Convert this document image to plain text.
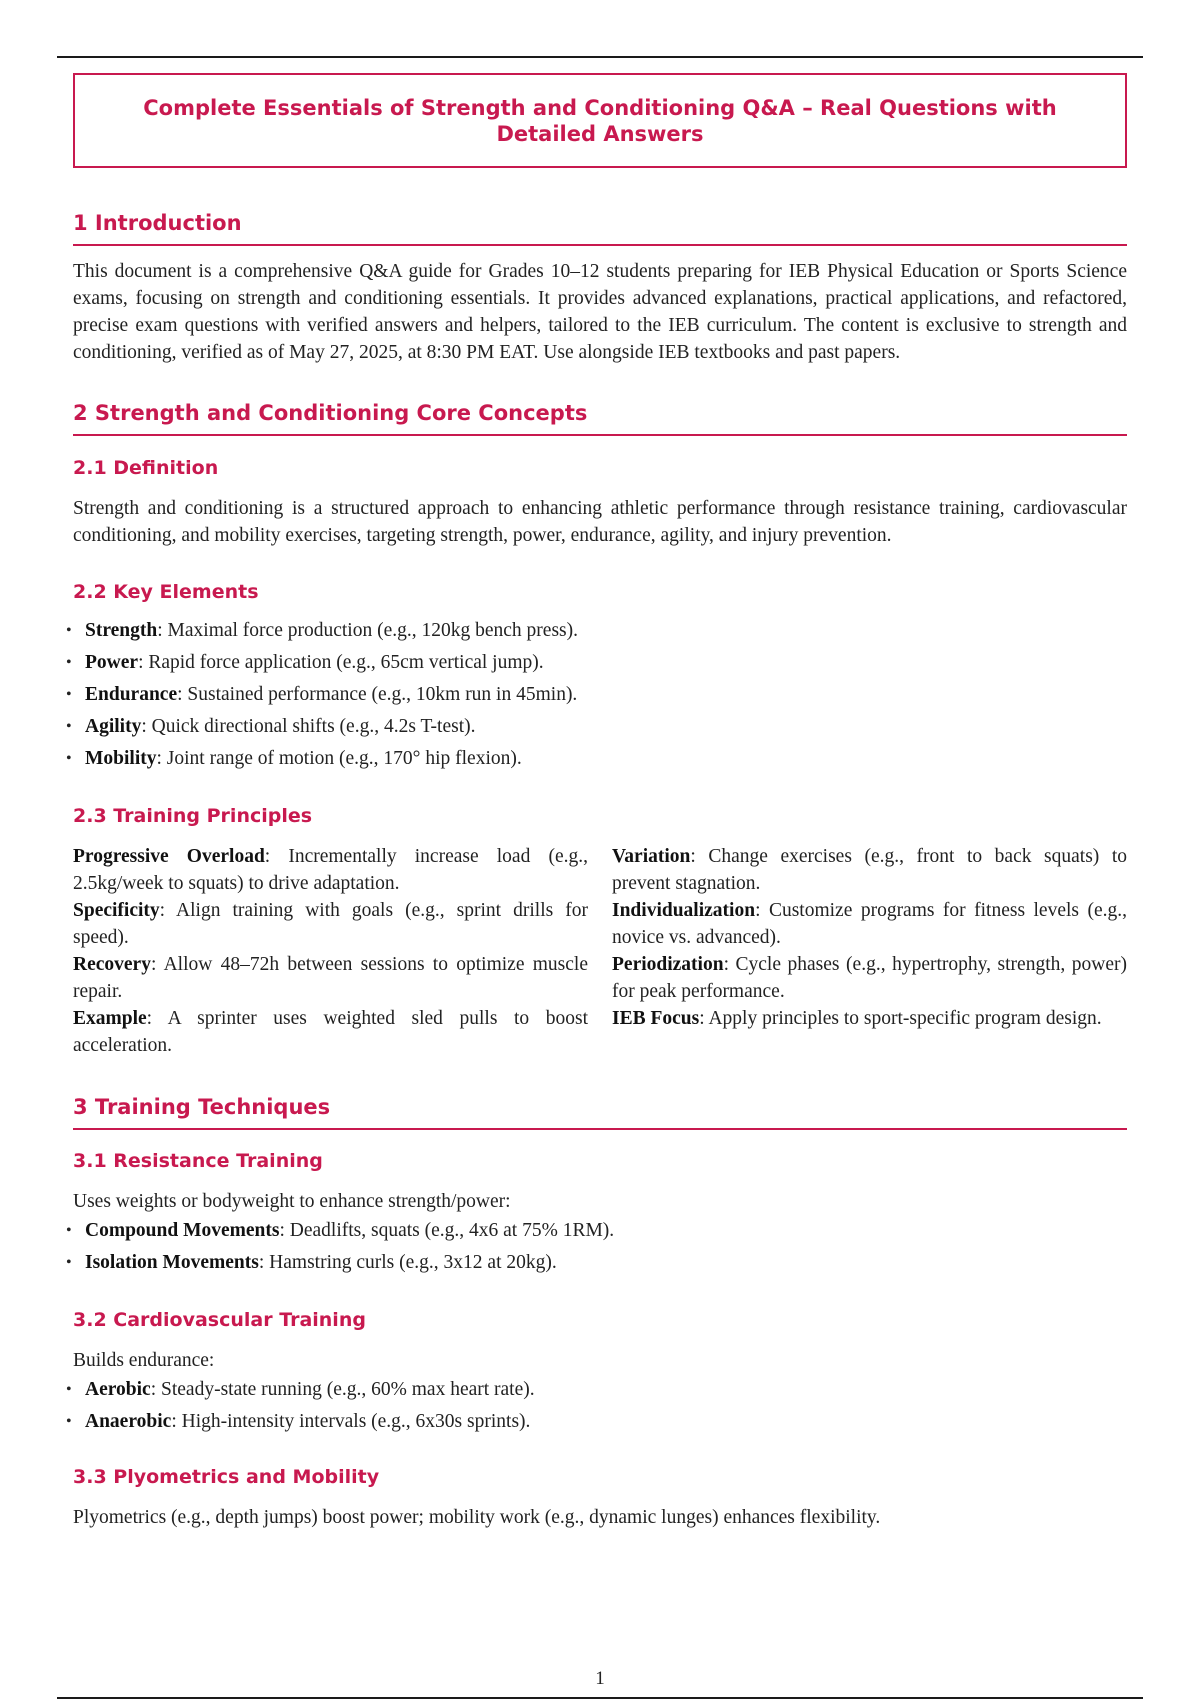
Complete Essentials of Strength and Conditioning Q&A – Real Questions with Detailed Answers
1 Introduction
This document is a comprehensive Q&A guide for Grades 10–12 students preparing for IEB Physical Education or Sports Science exams, focusing on strength and conditioning essentials. It provides advanced explanations, practical applications, and refactored, precise exam questions with verified answers and helpers, tailored to the IEB curriculum. The content is exclusive to strength and conditioning, verified as of May 27, 2025, at 8:30 PM EAT. Use alongside IEB textbooks and past papers.
2 Strength and Conditioning Core Concepts
2.1 Definition
Strength and conditioning is a structured approach to enhancing athletic performance through resistance training, cardiovascular conditioning, and mobility exercises, targeting strength, power, endurance, agility, and injury prevention.
2.2 Key Elements
• Strength: Maximal force production (e.g., 120kg bench press).
• Power: Rapid force application (e.g., 65cm vertical jump).
• Endurance: Sustained performance (e.g., 10km run in 45min).
• Agility: Quick directional shifts (e.g., 4.2s T-test).
• Mobility: Joint range of motion (e.g., 170° hip flexion).
2.3 Training Principles

Progressive Overload: Incrementally increase load (e.g., 2.5kg/week to squats) to drive adaptation.

Specificity: Align training with goals (e.g., sprint drills for speed).

Recovery: Allow 48–72h between sessions to optimize muscle repair.

Example: A sprinter uses weighted sled pulls to boost acceleration.

Variation: Change exercises (e.g., front to back squats) to prevent stagnation.

Individualization: Customize programs for fitness levels (e.g., novice vs. advanced).

Periodization: Cycle phases (e.g., hypertrophy, strength, power) for peak performance.

IEB Focus: Apply principles to sport-specific program design.

3 Training Techniques
3.1 Resistance Training
Uses weights or bodyweight to enhance strength/power:
• Compound Movements: Deadlifts, squats (e.g., 4x6 at 75% 1RM).
• Isolation Movements: Hamstring curls (e.g., 3x12 at 20kg).
3.2 Cardiovascular Training
Builds endurance:
• Aerobic: Steady-state running (e.g., 60% max heart rate).
• Anaerobic: High-intensity intervals (e.g., 6x30s sprints).
3.3 Plyometrics and Mobility
Plyometrics (e.g., depth jumps) boost power; mobility work (e.g., dynamic lunges) enhances flexibility.
1
